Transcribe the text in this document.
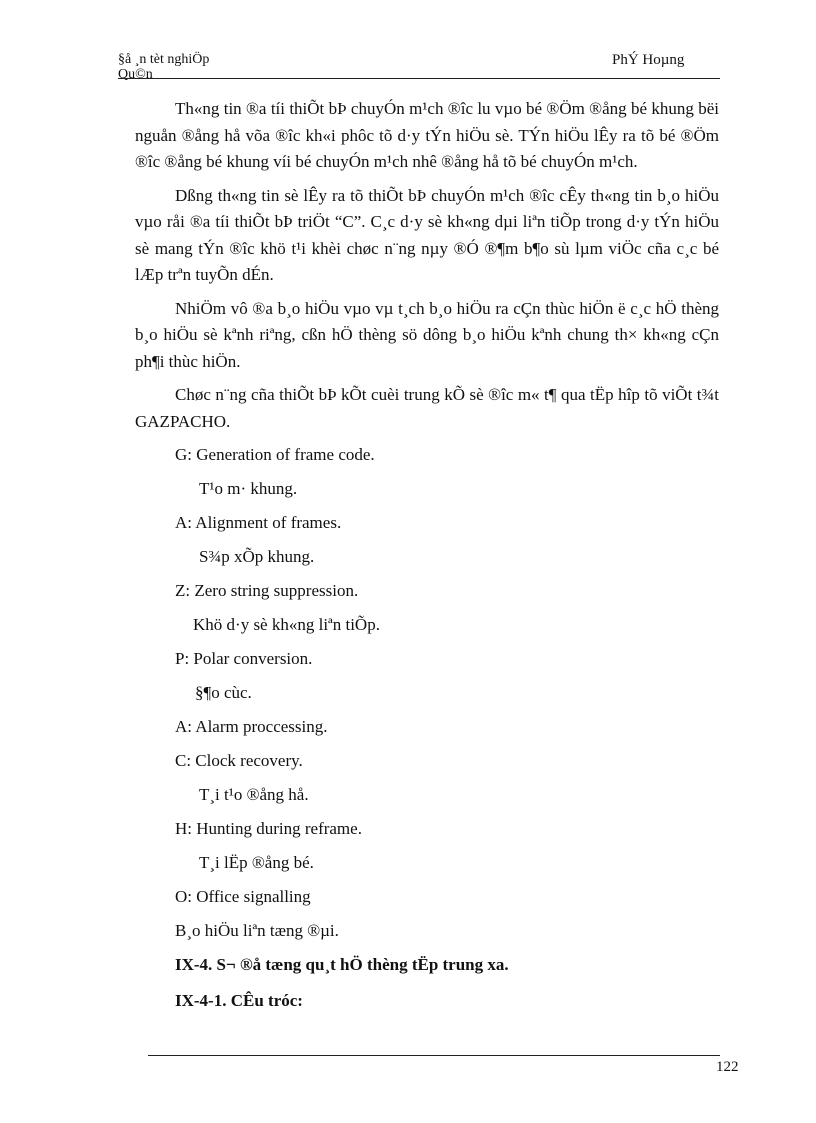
§å ¸n tèt nghiÖp
Qu©n
PhÝ Hoµng

Th«ng tin ®a tíi thiÕt bÞ chuyÓn m¹ch ®îc lu vµo bé ®Öm ®ång bé khung bëi nguån ®ång hå võa ®îc kh«i phôc tõ d·y tÝn hiÖu sè. TÝn hiÖu lÊy ra tõ bé ®Öm ®îc ®ång bé khung víi bé chuyÓn m¹ch nhê ®ång hå tõ bé chuyÓn m¹ch.

Dßng th«ng tin sè lÊy ra tõ thiÕt bÞ chuyÓn m¹ch ®îc cÊy th«ng tin b¸o hiÖu vµo råi ®a tíi thiÕt bÞ triÖt “C”. C¸c d·y sè kh«ng dµi liªn tiÕp trong d·y tÝn hiÖu sè mang tÝn ®îc khö t¹i khèi chøc n¨ng nµy ®Ó ®¶m b¶o sù lµm viÖc cña c¸c bé lÆp trªn tuyÕn dÉn.

NhiÖm vô ®a b¸o hiÖu vµo vµ t¸ch b¸o hiÖu ra cÇn thùc hiÖn ë c¸c hÖ thèng b¸o hiÖu sè kªnh riªng, cßn hÖ thèng sö dông b¸o hiÖu kªnh chung th× kh«ng cÇn ph¶i thùc hiÖn.

Chøc n¨ng cña thiÕt bÞ kÕt cuèi trung kÕ sè ®îc m« t¶ qua tËp hîp tõ viÕt t¾t GAZPACHO.

G: Generation of frame code.
T¹o m· khung.
A: Alignment of frames.
S¾p xÕp khung.
Z: Zero string suppression.
Khö d·y sè kh«ng liªn tiÕp.
P: Polar conversion.
§¶o cùc.
A: Alarm proccessing.
C: Clock recovery.
T¸i t¹o ®ång hå.
H: Hunting during reframe.
T¸i lËp ®ång bé.
O: Office signalling
B¸o hiÖu liªn tæng ®µi.
IX-4. S¬ ®å tæng qu¸t hÖ thèng tËp trung xa.
IX-4-1. CÊu tróc:
122
